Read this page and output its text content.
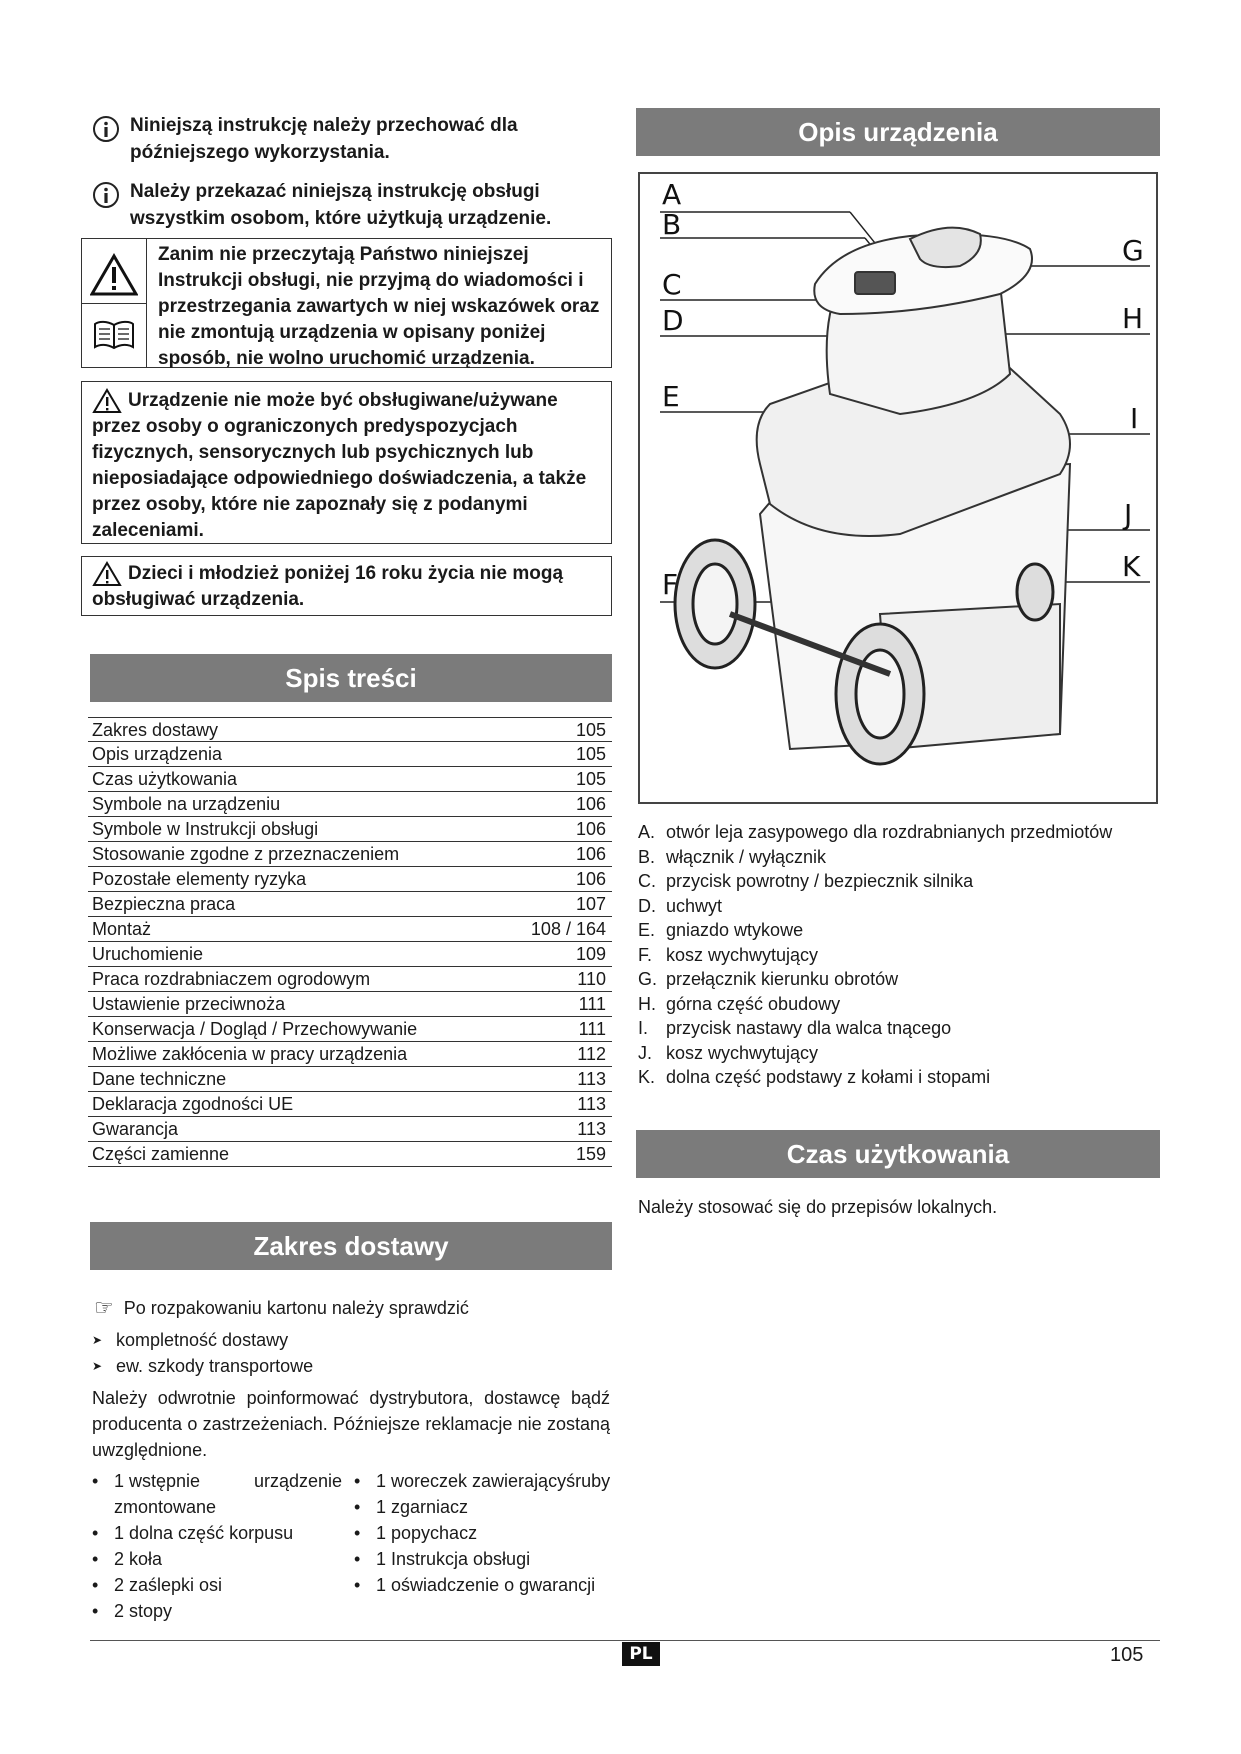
Niniejszą instrukcję należy przechować dla
późniejszego wykorzystania.
Należy przekazać niniejszą instrukcję obsługi
wszystkim osobom, które użytkują urządzenie.
Zanim nie przeczytają Państwo niniejszej
Instrukcji obsługi, nie przyjmą do wiadomości i
przestrzegania zawartych w niej wskazówek oraz
nie zmontują urządzenia w opisany poniżej
sposób, nie wolno uruchomić urządzenia.
Urządzenie nie może być obsługiwane/używane
przez osoby o ograniczonych predyspozycjach
fizycznych, sensorycznych lub psychicznych lub
nieposiadające odpowiedniego doświadczenia, a także
przez osoby, które nie zapoznały się z podanymi
zaleceniami.
Dzieci i młodzież poniżej 16 roku życia nie mogą
obsługiwać urządzenia.
Spis treści
Zakres dostawy	105
Opis urządzenia	105
Czas użytkowania	105
Symbole na urządzeniu	106
Symbole w Instrukcji obsługi	106
Stosowanie zgodne z przeznaczeniem	106
Pozostałe elementy ryzyka	106
Bezpieczna praca	107
Montaż	108 / 164
Uruchomienie	109
Praca rozdrabniaczem ogrodowym	110
Ustawienie przeciwnoża	111
Konserwacja / Dogląd / Przechowywanie	111
Możliwe zakłócenia w pracy urządzenia	112
Dane techniczne	113
Deklaracja zgodności UE	113
Gwarancja	113
Części zamienne	159
Zakres dostawy
☞ Po rozpakowaniu kartonu należy sprawdzić
➤ kompletność dostawy
➤ ew. szkody transportowe
Należy odwrotnie poinformować dystrybutora, dostawcę bądź
producenta o zastrzeżeniach. Późniejsze reklamacje nie zostaną
uwzględnione.
• 1 wstępnie zmontowane
urządzenie
• 1 dolna część korpusu
• 2 koła
• 2 zaślepki osi
• 2 stopy
• 1 woreczek zawierający śruby
• 1 zgarniacz
• 1 popychacz
• 1 Instrukcja obsługi
• 1 oświadczenie o gwarancji
Opis urządzenia
A
B
C
D
E
F
G
H
I
J
K
A. otwór leja zasypowego dla rozdrabnianych przedmiotów
B. włącznik / wyłącznik
C. przycisk powrotny / bezpiecznik silnika
D. uchwyt
E. gniazdo wtykowe
F. kosz wychwytujący
G. przełącznik kierunku obrotów
H. górna część obudowy
I. przycisk nastawy dla walca tnącego
J. kosz wychwytujący
K. dolna część podstawy z kołami i stopami
Czas użytkowania
Należy stosować się do przepisów lokalnych.
PL	105
